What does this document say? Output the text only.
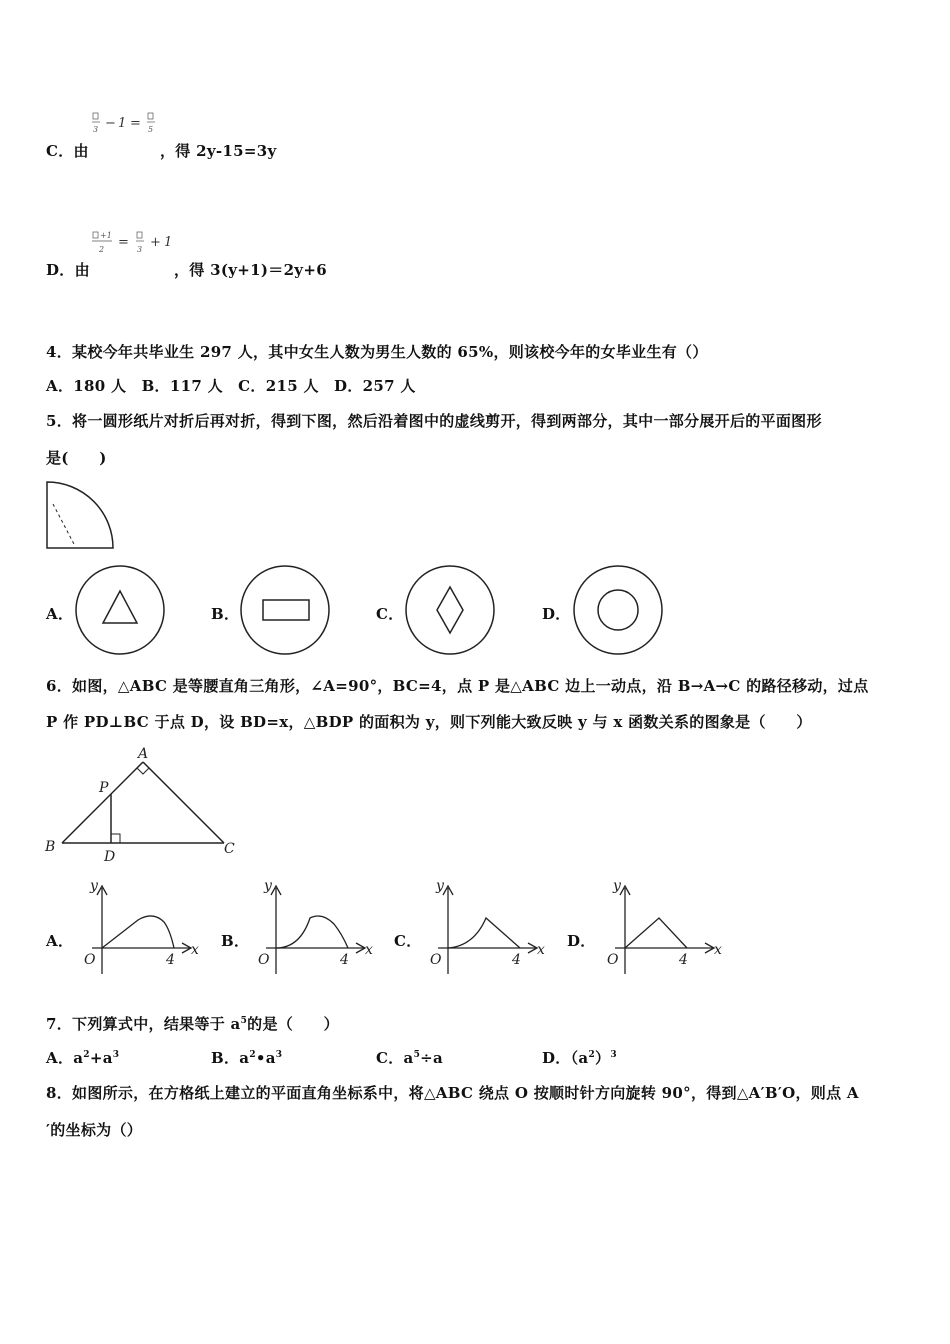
3 − 1 = 5
C．由	，得 2y-15=3y
+1
2 = 3 + 1
D．由	，得 3(y+1)＝2y+6
4．某校今年共毕业生 297 人，其中女生人数为男生人数的 65%，则该校今年的女毕业生有（）
A．180 人　B．117 人　C．215 人　D．257 人
5．将一圆形纸片对折后再对折，得到下图，然后沿着图中的虚线剪开，得到两部分，其中一部分展开后的平面图形
是(　　)
A．	B．	C．	D．
6．如图，△ABC 是等腰直角三角形，∠A=90°，BC=4，点 P 是△ABC 边上一动点，沿 B→A→C 的路径移动，过点
P 作 PD⊥BC 于点 D，设 BD=x，△BDP 的面积为 y，则下列能大致反映 y 与 x 函数关系的图象是（　　）
A
B	C
P
D
A．
y
x
O	4
B．
y
x
O	4
C．
y
x
O	4
D．
y
x
O	4
7．下列算式中，结果等于 $a^5$的是（　　）
A．$a^2+a^3$	B．$a^2•a^3$	C．$a^5\div a$	D．$(a^2)^3$
8．如图所示，在方格纸上建立的平面直角坐标系中，将△ABC 绕点 O 按顺时针方向旋转 90°，得到△A′B′O，则点 A
′的坐标为（）
